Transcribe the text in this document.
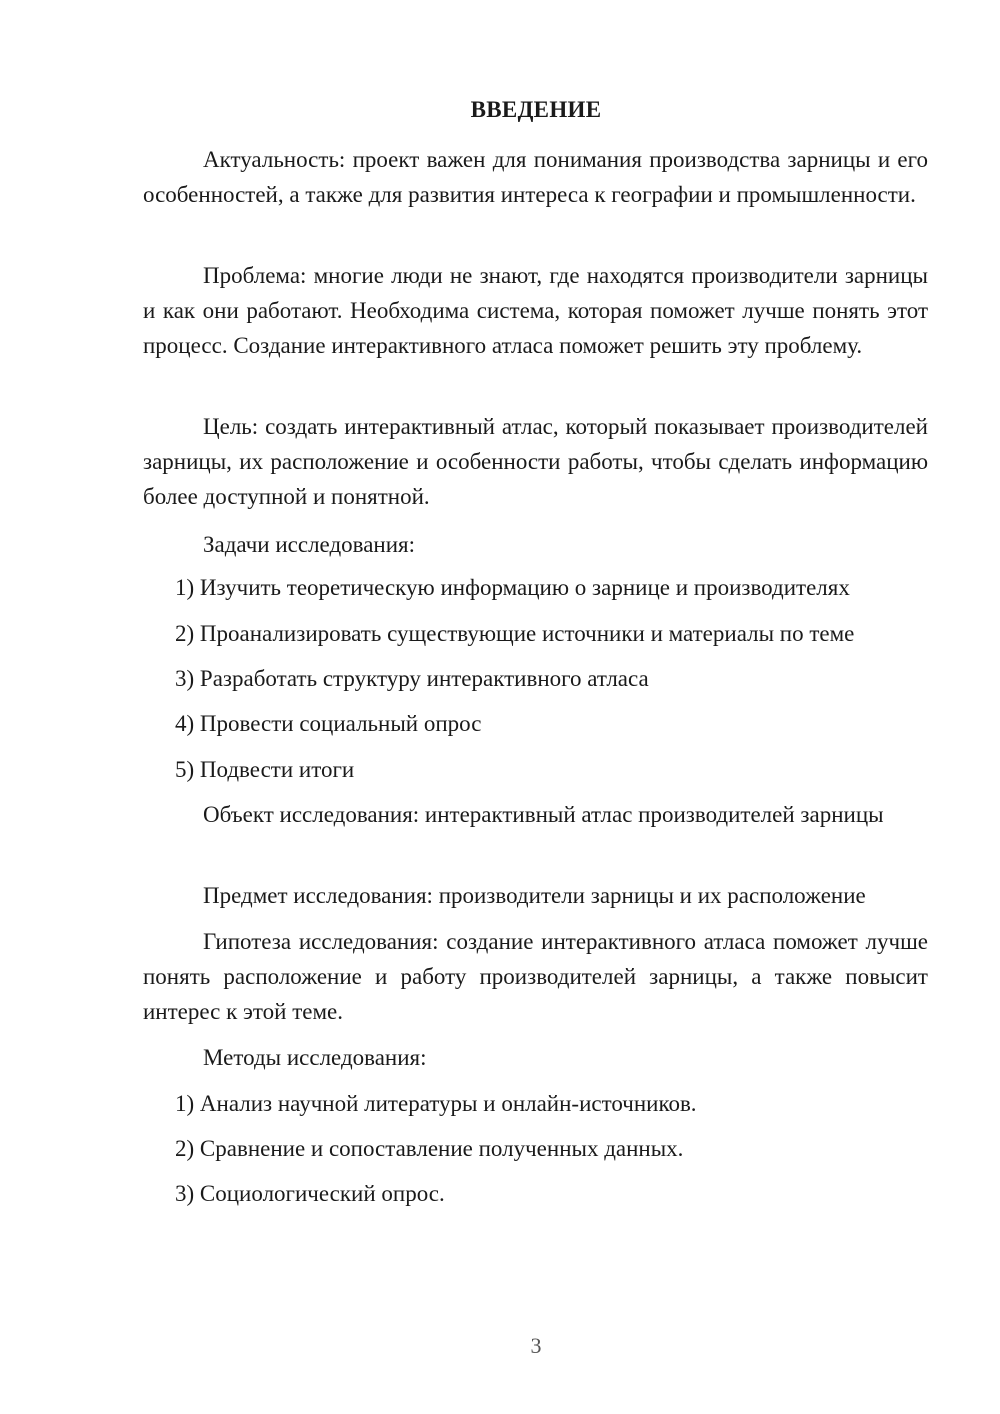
ВВЕДЕНИЕ
Актуальность: проект важен для понимания производства зарницы и его особенностей, а также для развития интереса к географии и промышленности.
Проблема: многие люди не знают, где находятся производители зарницы и как они работают. Необходима система, которая поможет лучше понять этот процесс. Создание интерактивного атласа поможет решить эту проблему.
Цель: создать интерактивный атлас, который показывает производителей зарницы, их расположение и особенности работы, чтобы сделать информацию более доступной и понятной.
Задачи исследования:
1) Изучить теоретическую информацию о зарнице и производителях
2) Проанализировать существующие источники и материалы по теме
3) Разработать структуру интерактивного атласа
4) Провести социальный опрос
5) Подвести итоги
Объект исследования: интерактивный атлас производителей зарницы
Предмет исследования: производители зарницы и их расположение
Гипотеза исследования: создание интерактивного атласа поможет лучше понять расположение и работу производителей зарницы, а также повысит интерес к этой теме.
Методы исследования:
1) Анализ научной литературы и онлайн-источников.
2) Сравнение и сопоставление полученных данных.
3) Социологический опрос.
3
